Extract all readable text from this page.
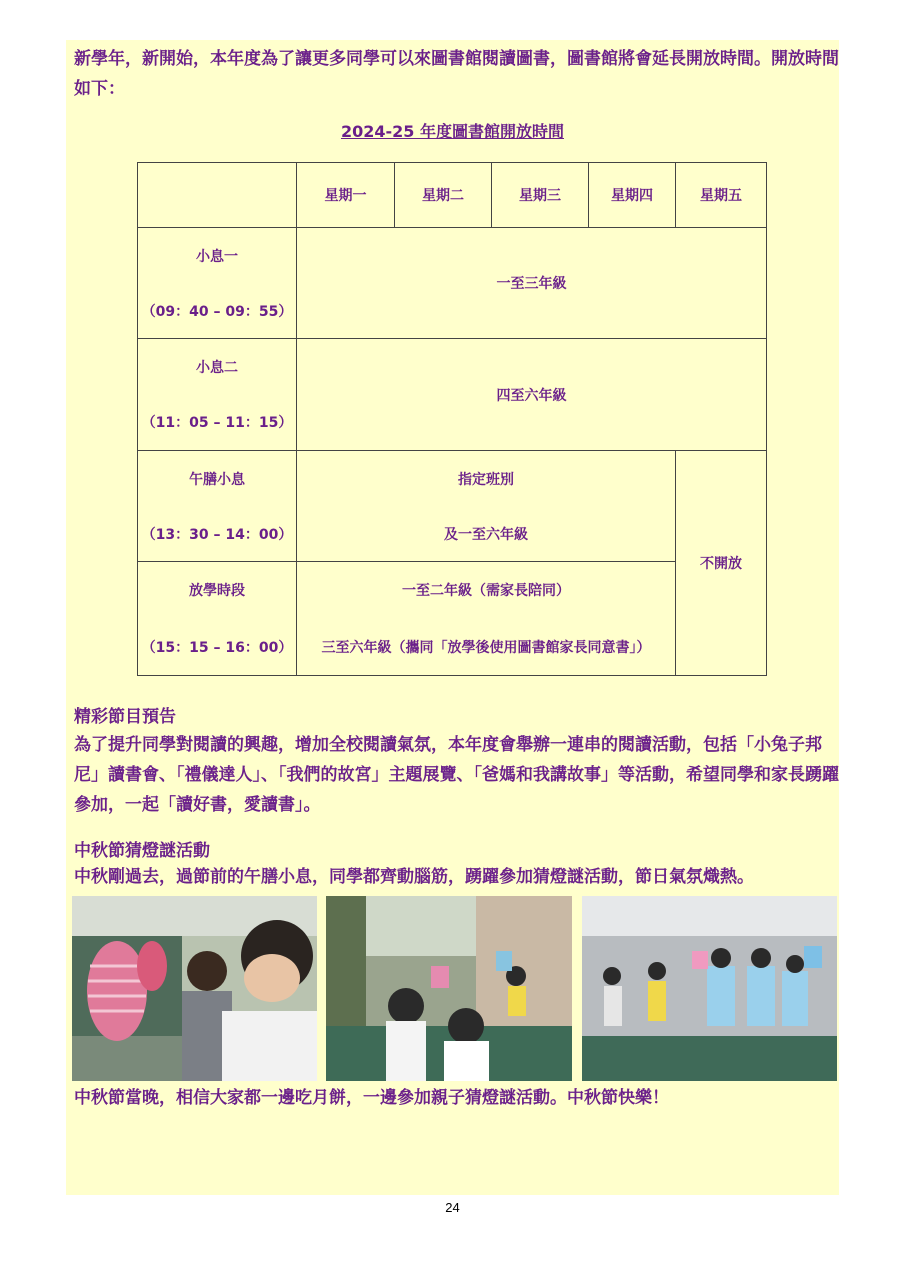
新學年，新開始，本年度為了讓更多同學可以來圖書館閱讀圖書，圖書館將會延長開放時間。開放時間如下：
2024-25 年度圖書館開放時間
	星期一	星期二	星期三	星期四	星期五

小息一
（09：40 – 09：55）	一至三年級				

小息二
（11：05 – 11：15）	四至六年級				

午膳小息
（13：30 – 14：00）	指定班別
及一至六年級				不開放

放學時段
（15：15 – 16：00）	一至二年級（需家長陪同）
三至六年級（攜同「放學後使用圖書館家長同意書」）				
精彩節目預告
為了提升同學對閱讀的興趣，增加全校閱讀氣氛，本年度會舉辦一連串的閱讀活動，包括「小兔子邦尼」讀書會、「禮儀達人」、「我們的故宮」主題展覽、「爸媽和我講故事」等活動，希望同學和家長踴躍參加，一起「讀好書，愛讀書」。
中秋節猜燈謎活動
中秋剛過去，過節前的午膳小息，同學都齊動腦筋，踴躍參加猜燈謎活動，節日氣氛熾熱。
中秋節當晚，相信大家都一邊吃月餅，一邊參加親子猜燈謎活動。中秋節快樂！
24
